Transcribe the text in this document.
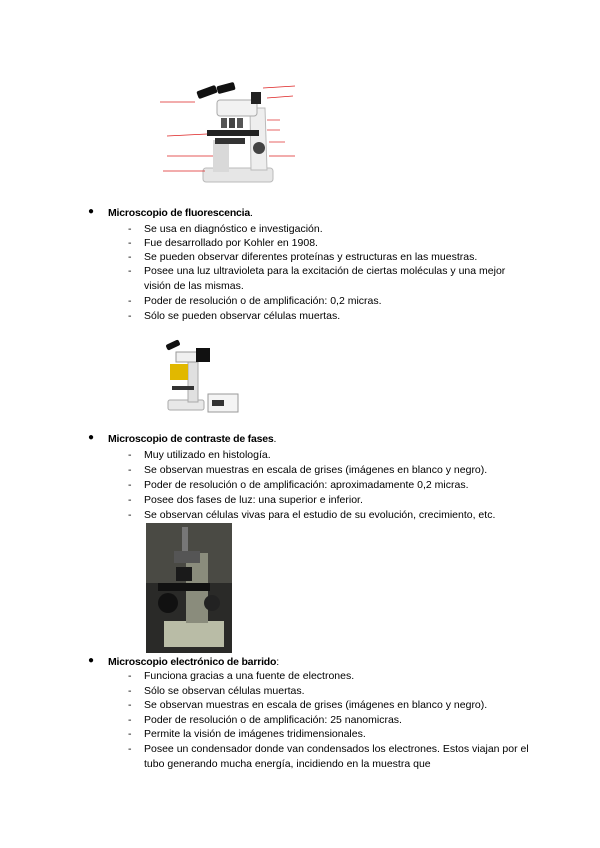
● Microscopio de fluorescencia.
- Se usa en diagnóstico e investigación.
- Fue desarrollado por Kohler en 1908.
- Se pueden observar diferentes proteínas y estructuras en las muestras.
- Posee una luz ultravioleta para la excitación de ciertas moléculas y una mejor visión de las mismas.
- Poder de resolución o de amplificación: 0,2 micras.
- Sólo se pueden observar células muertas.
● Microscopio de contraste de fases.
- Muy utilizado en histología.
- Se observan muestras en escala de grises (imágenes en blanco y negro).
- Poder de resolución o de amplificación: aproximadamente 0,2 micras.
- Posee dos fases de luz: una superior e inferior.
- Se observan células vivas para el estudio de su evolución, crecimiento, etc.
● Microscopio electrónico de barrido:
- Funciona gracias a una fuente de electrones.
- Sólo se observan células muertas.
- Se observan muestras en escala de grises (imágenes en blanco y negro).
- Poder de resolución o de amplificación: 25 nanomicras.
- Permite la visión de imágenes tridimensionales.
- Posee un condensador donde van condensados los electrones. Estos viajan por el tubo generando mucha energía, incidiendo en la muestra que
